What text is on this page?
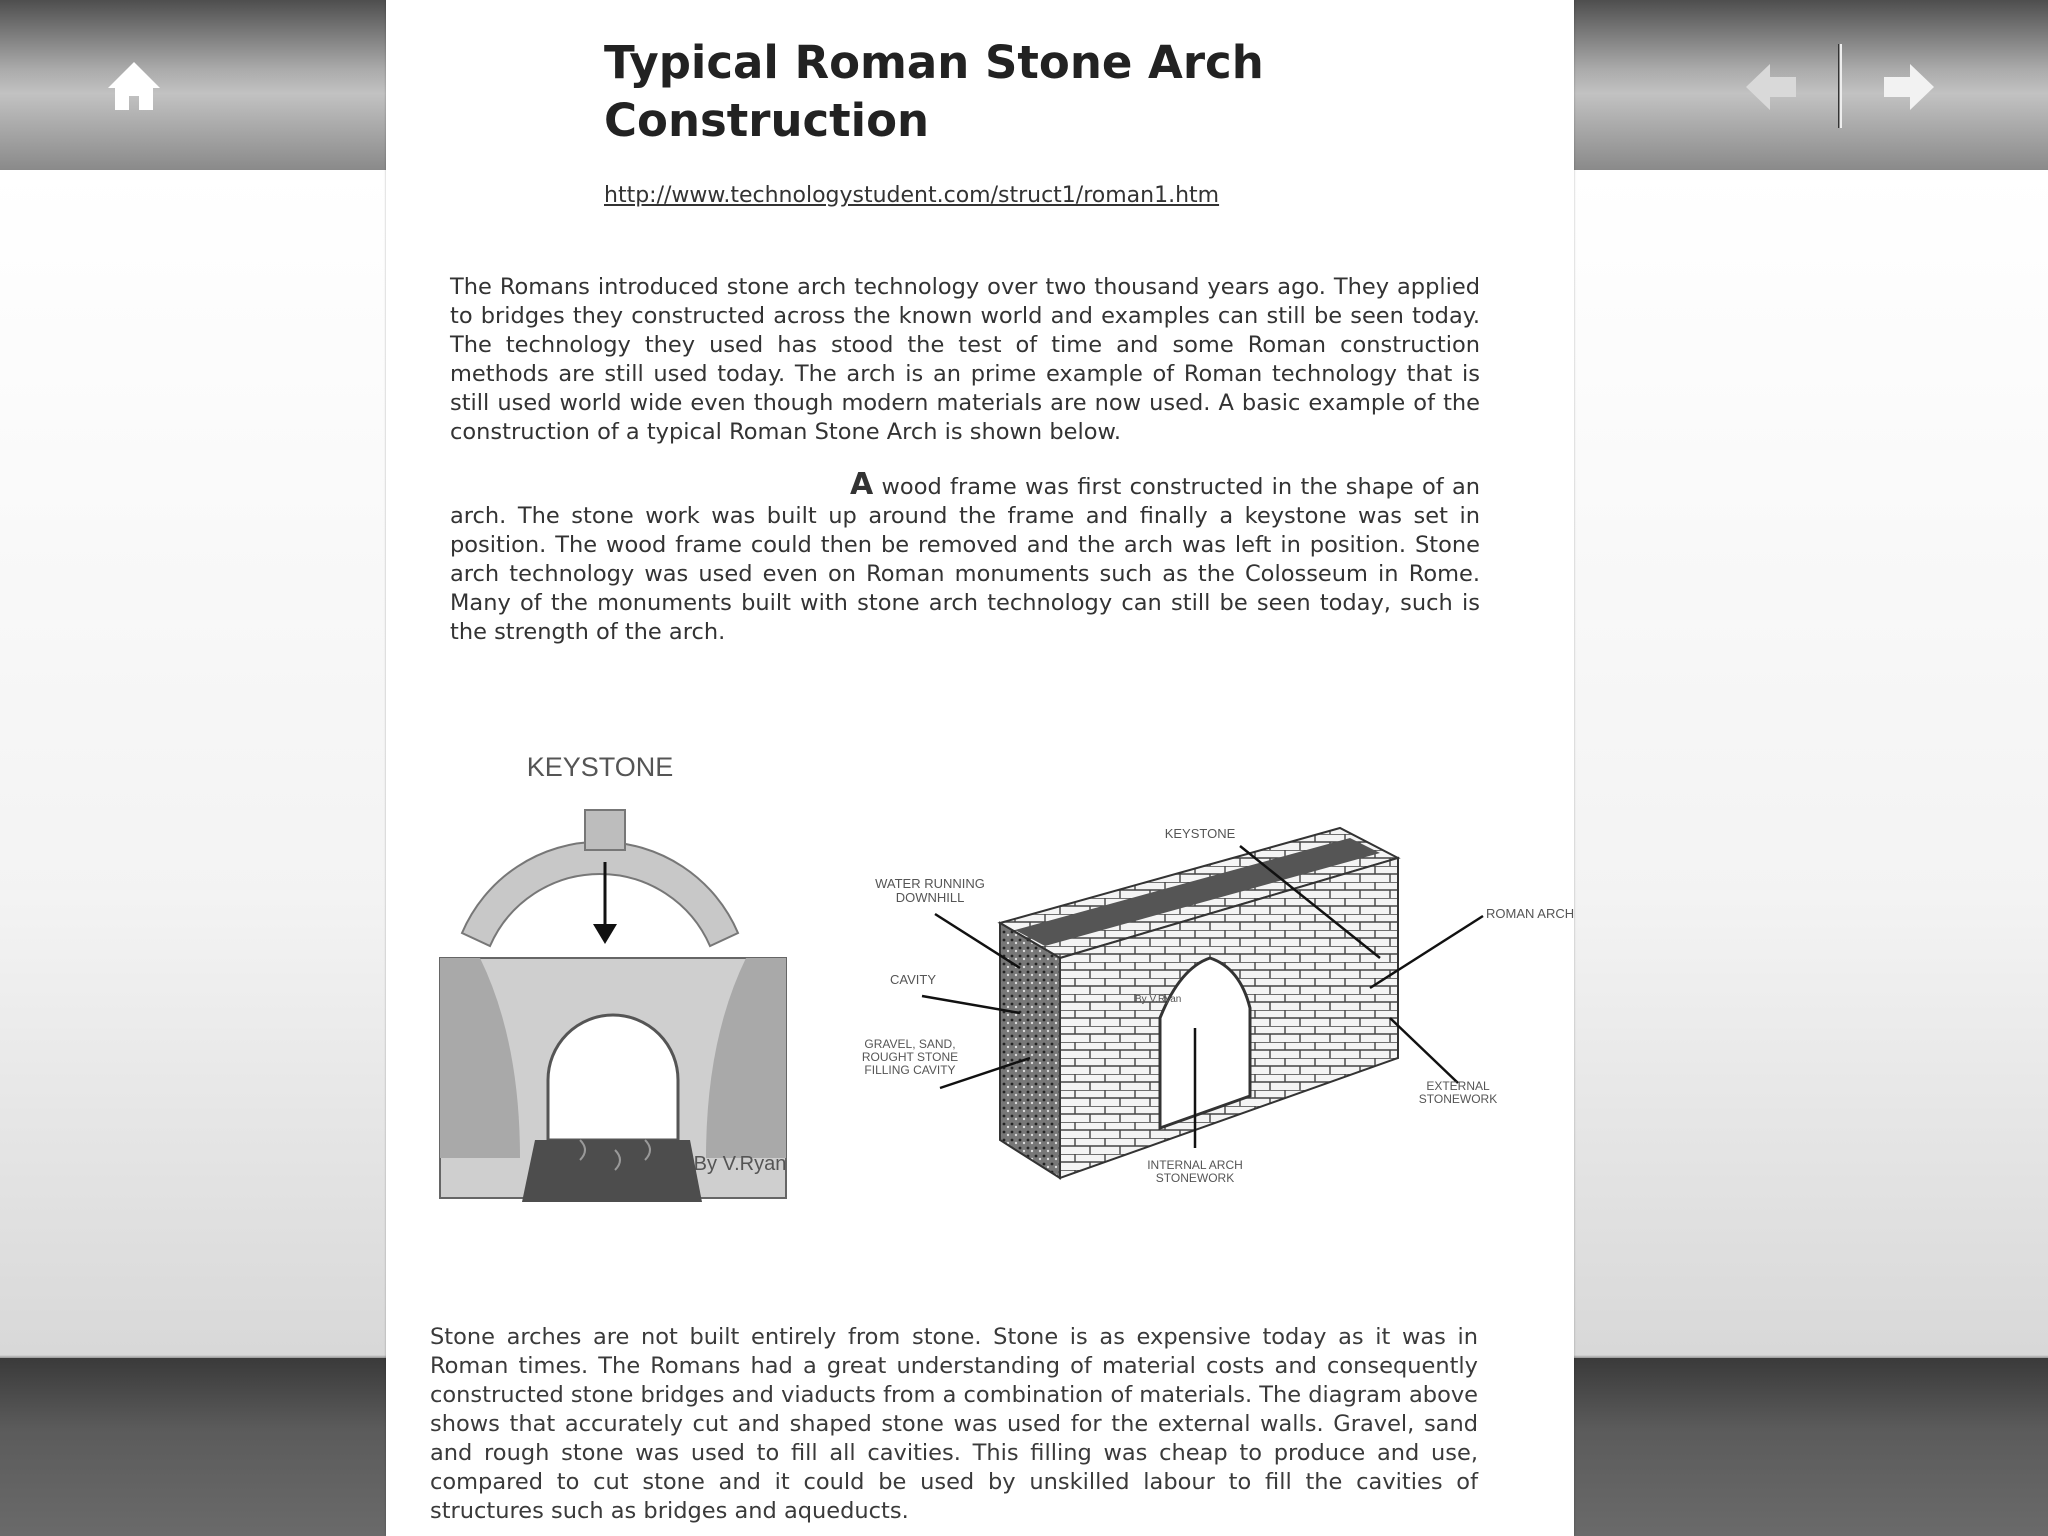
Typical Roman Stone Arch Construction
http://www.technologystudent.com/struct1/roman1.htm

The Romans introduced stone arch technology over two thousand years ago. They applied to bridges they constructed across the known world and examples can still be seen today. The technology they used has stood the test of time and some Roman construction methods are still used today. The arch is an prime example of Roman technology that is still used world wide even though modern materials are now used. A basic example of the construction of a typical Roman Stone Arch is shown below.

A wood frame was first constructed in the shape of an arch. The stone work was built up around the frame and finally a keystone was set in position. The wood frame could then be removed and the arch was left in position. Stone arch technology was used even on Roman monuments such as the Colosseum in Rome. Many of the monuments built with stone arch technology can still be seen today, such is the strength of the arch.

KEYSTONE
By V.Ryan
KEYSTONE
WATER RUNNING
DOWNHILL
CAVITY
GRAVEL, SAND,
ROUGHT STONE
FILLING CAVITY
ROMAN ARCH
EXTERNAL
STONEWORK
INTERNAL ARCH
STONEWORK
By V.Ryan

Stone arches are not built entirely from stone. Stone is as expensive today as it was in Roman times. The Romans had a great understanding of material costs and consequently constructed stone bridges and viaducts from a combination of materials. The diagram above shows that accurately cut and shaped stone was used for the external walls. Gravel, sand and rough stone was used to fill all cavities. This filling was cheap to produce and use, compared to cut stone and it could be used by unskilled labour to fill the cavities of structures such as bridges and aqueducts.
